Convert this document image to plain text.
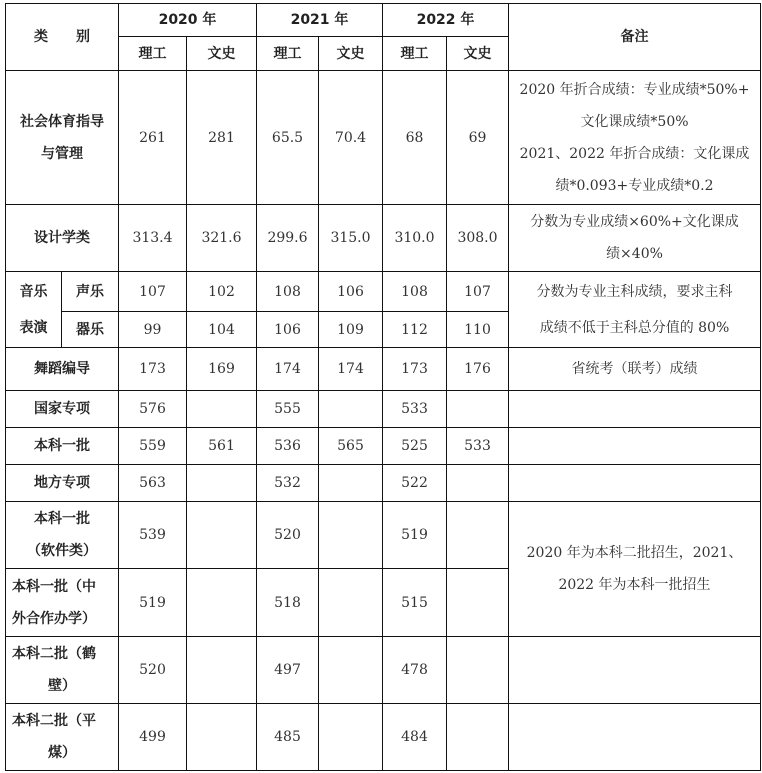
类　　别		2020 年		2021 年		2022 年		备注
		理工	文史	理工	文史	理工	文史	

社会体育指导
与管理		261	281	65.5	70.4	68	69	2020 年折合成绩：专业成绩*50%+
文化课成绩*50%
2021、2022 年折合成绩：文化课成
绩*0.093+专业成绩*0.2

设计学类		313.4	321.6	299.6	315.0	310.0	308.0	分数为专业成绩×60%+文化课成
绩×40%

音乐
表演	声乐	107	102	108	106	108	107	分数为专业主科成绩，要求主科
成绩不低于主科总分值的 80%

	器乐	99	104	106	109	112	110	
舞蹈编导		173	169	174	174	173	176	省统考（联考）成绩
国家专项		576		555		533		
本科一批		559	561	536	565	525	533	
地方专项		563		532		522		

本科一批
（软件类）		539		520		519		2020 年为本科二批招生，2021、
2022 年为本科一批招生

本科一批（中
外合作办学）		519		518		515		

本科二批（鹤
壁）		520		497		478		

本科二批（平
煤）		499		485		484		
